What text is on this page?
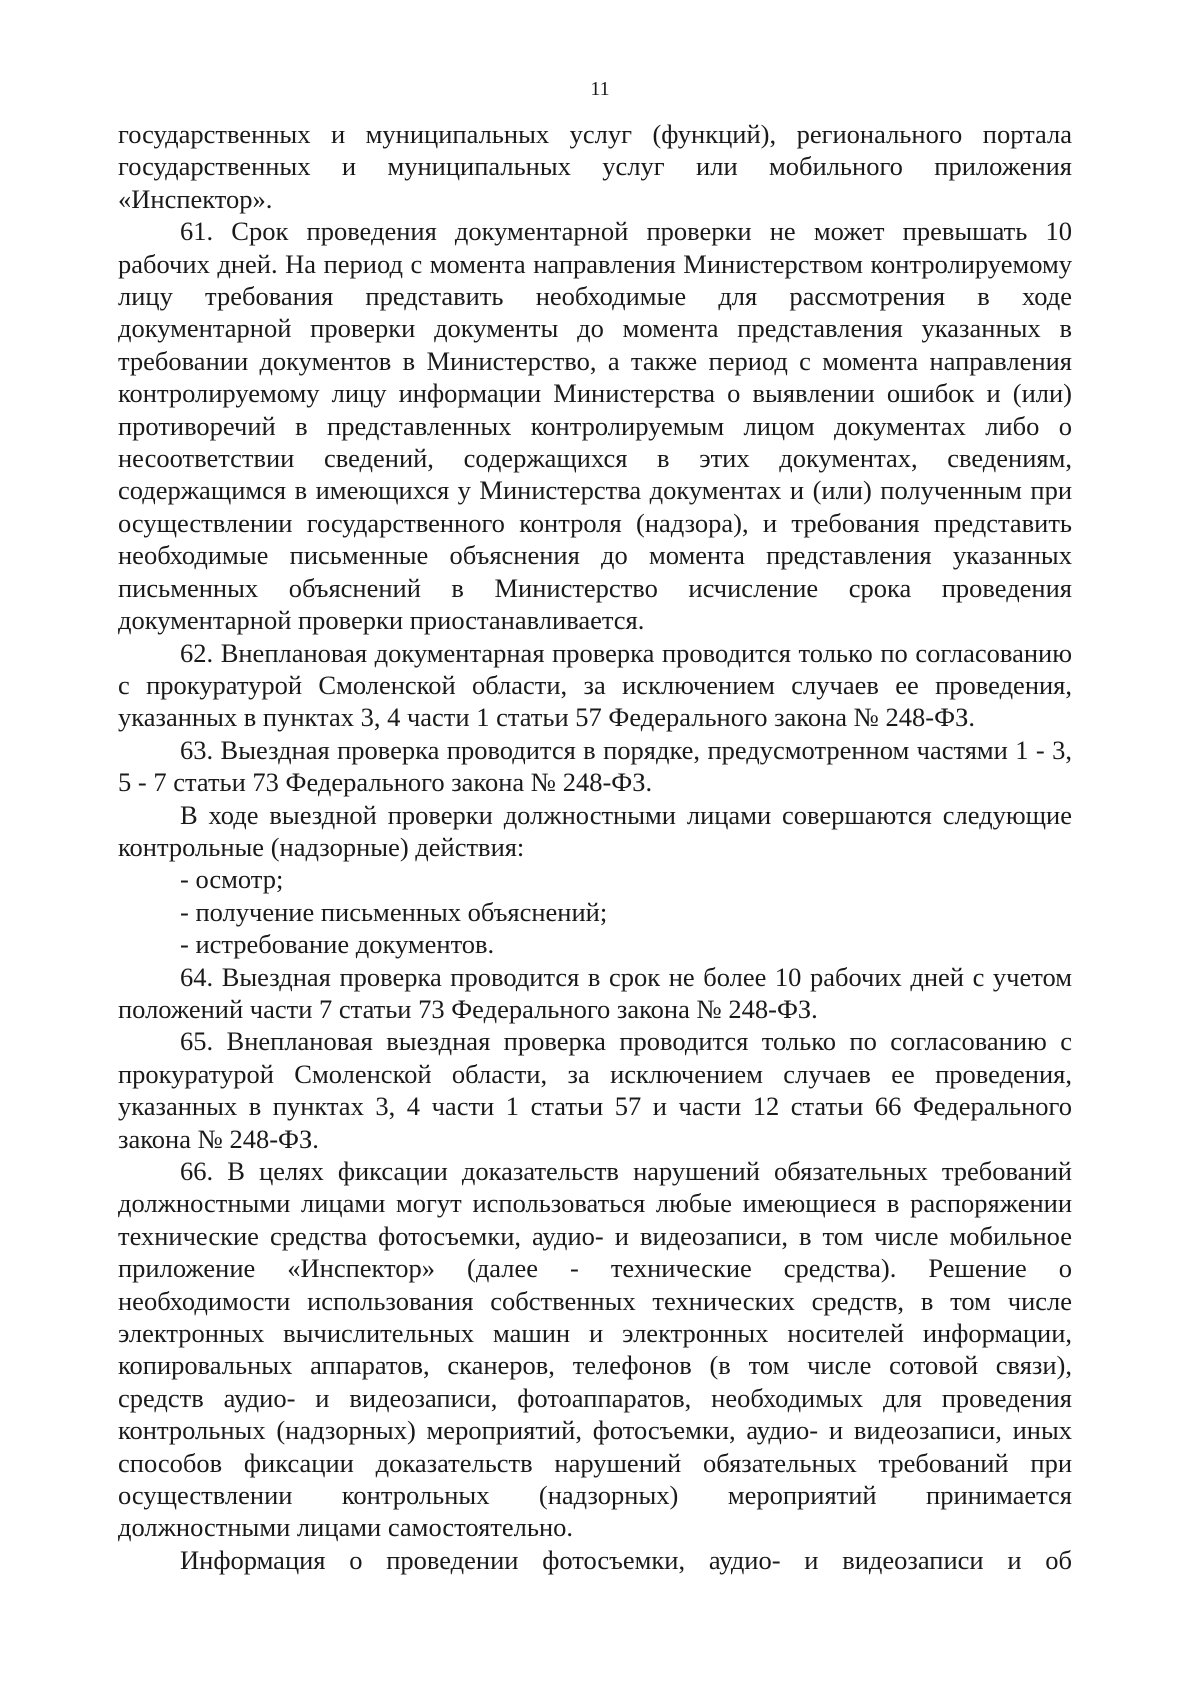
11

государственных и муниципальных услуг (функций), регионального портала государственных и муниципальных услуг или мобильного приложения «Инспектор».

61. Срок проведения документарной проверки не может превышать 10 рабочих дней. На период с момента направления Министерством контролируемому лицу требования представить необходимые для рассмотрения в ходе документарной проверки документы до момента представления указанных в требовании документов в Министерство, а также период с момента направления контролируемому лицу информации Министерства о выявлении ошибок и (или) противоречий в представленных контролируемым лицом документах либо о несоответствии сведений, содержащихся в этих документах, сведениям, содержащимся в имеющихся у Министерства документах и (или) полученным при осуществлении государственного контроля (надзора), и требования представить необходимые письменные объяснения до момента представления указанных письменных объяснений в Министерство исчисление срока проведения документарной проверки приостанавливается.

62. Внеплановая документарная проверка проводится только по согласованию с прокуратурой Смоленской области, за исключением случаев ее проведения, указанных в пунктах 3, 4 части 1 статьи 57 Федерального закона № 248-ФЗ.

63. Выездная проверка проводится в порядке, предусмотренном частями 1 - 3, 5 - 7 статьи 73 Федерального закона № 248-ФЗ.

В ходе выездной проверки должностными лицами совершаются следующие контрольные (надзорные) действия:

- осмотр;

- получение письменных объяснений;

- истребование документов.

64. Выездная проверка проводится в срок не более 10 рабочих дней с учетом положений части 7 статьи 73 Федерального закона № 248-ФЗ.

65. Внеплановая выездная проверка проводится только по согласованию с прокуратурой Смоленской области, за исключением случаев ее проведения, указанных в пунктах 3, 4 части 1 статьи 57 и части 12 статьи 66 Федерального закона № 248-ФЗ.

66. В целях фиксации доказательств нарушений обязательных требований должностными лицами могут использоваться любые имеющиеся в распоряжении технические средства фотосъемки, аудио- и видеозаписи, в том числе мобильное приложение «Инспектор» (далее - технические средства). Решение о необходимости использования собственных технических средств, в том числе электронных вычислительных машин и электронных носителей информации, копировальных аппаратов, сканеров, телефонов (в том числе сотовой связи), средств аудио- и видеозаписи, фотоаппаратов, необходимых для проведения контрольных (надзорных) мероприятий, фотосъемки, аудио- и видеозаписи, иных способов фиксации доказательств нарушений обязательных требований при осуществлении контрольных (надзорных) мероприятий принимается должностными лицами самостоятельно.

Информация о проведении фотосъемки, аудио- и видеозаписи и об
